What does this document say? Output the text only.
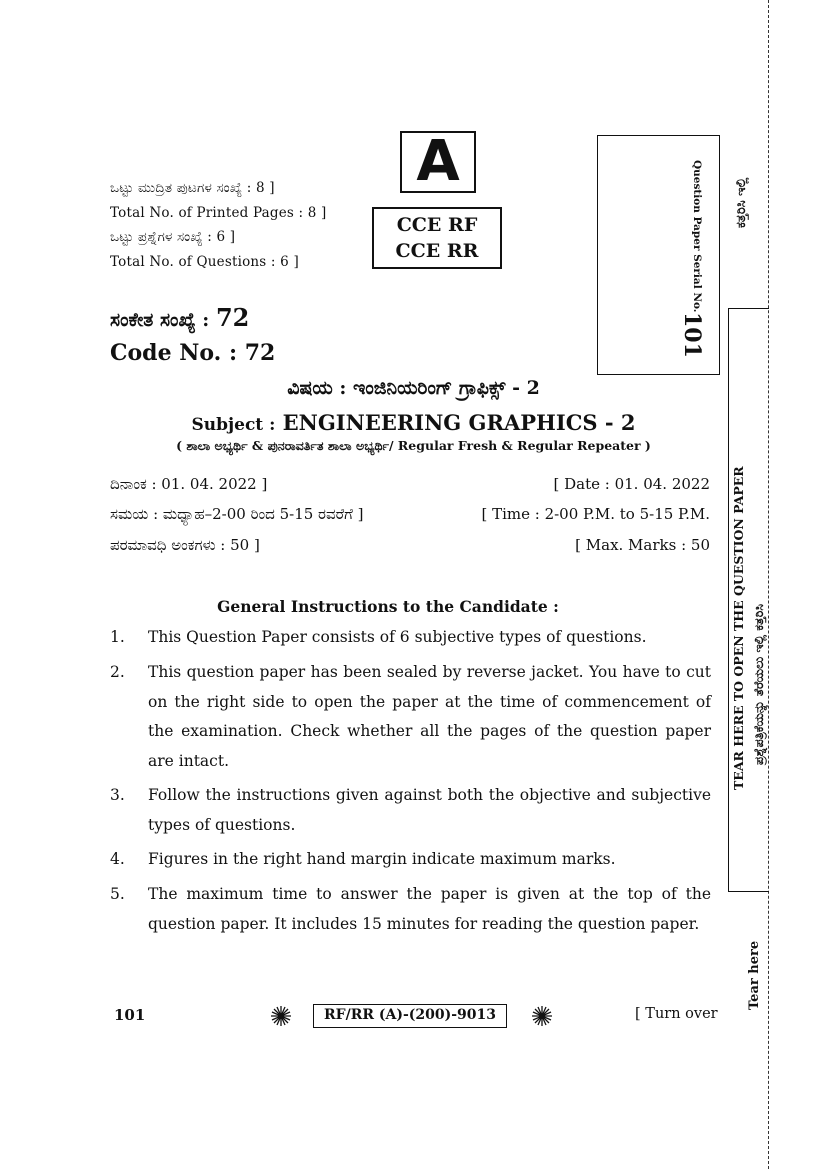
ಒಟ್ಟು ಮುದ್ರಿತ ಪುಟಗಳ ಸಂಖ್ಯೆ : 8 ]
Total No. of Printed Pages : 8 ]
ಒಟ್ಟು ಪ್ರಶ್ನೆಗಳ ಸಂಖ್ಯೆ : 6 ]
Total No. of Questions : 6 ]
A
CCE RF
CCE RR	Question Paper Serial No.
101
ಸಂಕೇತ ಸಂಖ್ಯೆ : 72
Code No. : 72
ವಿಷಯ : ಇಂಜಿನಿಯರಿಂಗ್ ಗ್ರಾಫಿಕ್ಸ್ - 2
Subject : ENGINEERING GRAPHICS - 2
( ಶಾಲಾ ಅಭ್ಯರ್ಥಿ & ಪುನರಾವರ್ತಿತ ಶಾಲಾ ಅಭ್ಯರ್ಥಿ/ Regular Fresh & Regular Repeater )
ದಿನಾಂಕ : 01. 04. 2022 ]	[ Date : 01. 04. 2022
ಸಮಯ : ಮಧ್ಯಾಹ–2-00 ರಿಂದ 5-15 ರವರೆಗೆ ]	[ Time : 2-00 P.M. to 5-15 P.M.
ಪರಮಾವಧಿ ಅಂಕಗಳು : 50 ]	[ Max. Marks : 50
General Instructions to the Candidate :
1. This Question Paper consists of 6 subjective types of questions.
2. This question paper has been sealed by reverse jacket. You have to cut on the right side to open the paper at the time of commencement of the examination. Check whether all the pages of the question paper are intact.
3. Follow the instructions given against both the objective and subjective types of questions.
4. Figures in the right hand margin indicate maximum marks.
5. The maximum time to answer the paper is given at the top of the question paper. It includes 15 minutes for reading the question paper.
101	RF/RR (A)-(200)-9013	[ Turn over
ಕತ್ತರಿಸಿ ಇಲ್ಲಿ
TEAR HERE TO OPEN THE QUESTION PAPER ಪ್ರಶ್ನೆಪತ್ರಿಕೆಯನ್ನು ತೆರೆಯಲು ಇಲ್ಲಿ ಕತ್ತರಿಸಿ
Tear here
